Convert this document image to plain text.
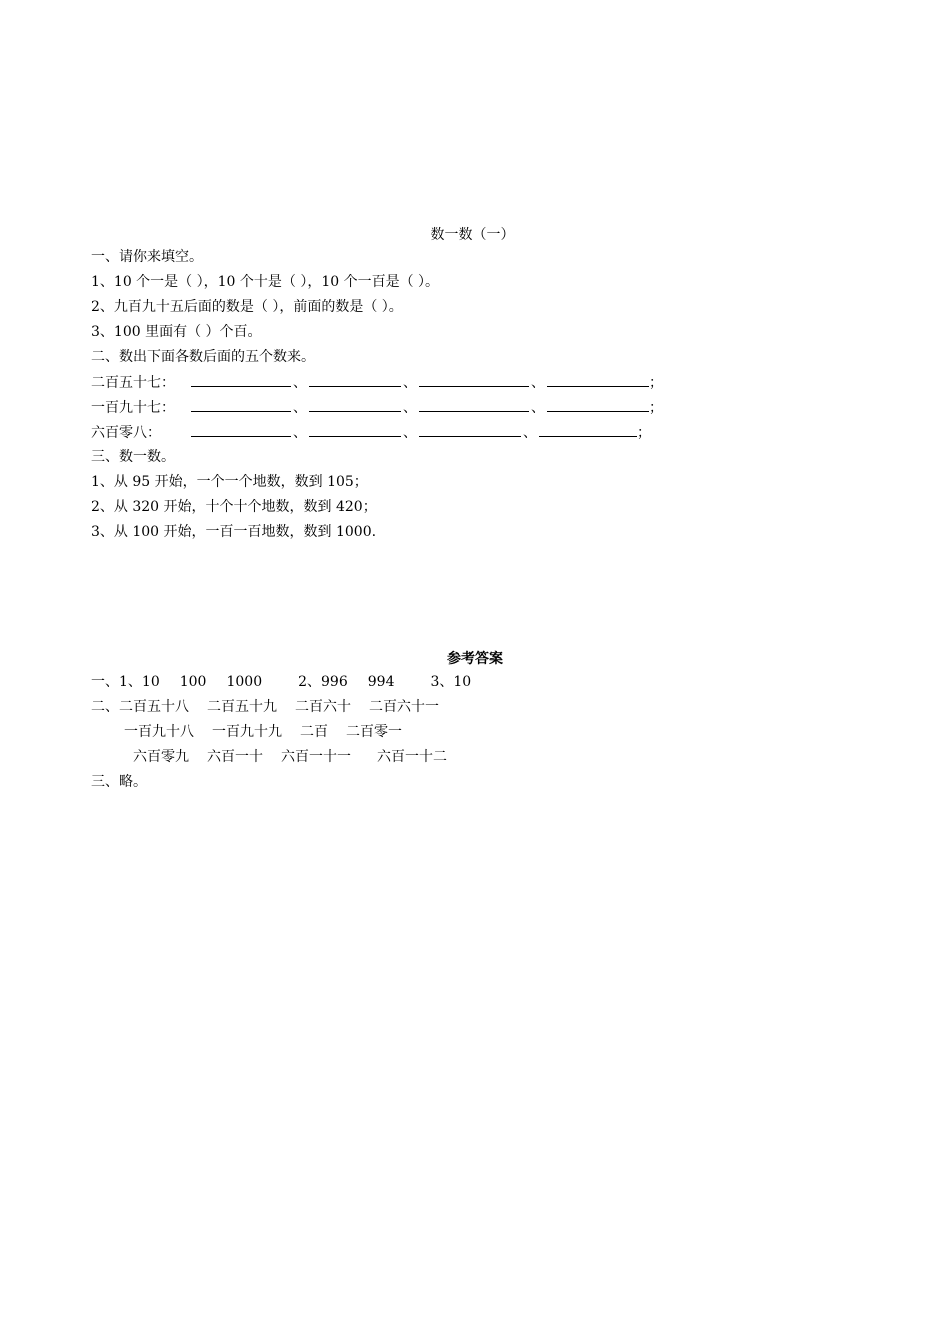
数一数（一）
一、请你来填空。
1、10 个一是（ ），10 个十是（ ），10 个一百是（ ）。
2、九百九十五后面的数是（ ），前面的数是（ ）。
3、100 里面有（ ）个百。
二、数出下面各数后面的五个数来。
二百五十七：	、	、	、	；
一百九十七：	、	、	、	；
六百零八：	、	、	、	；
三、数一数。
1、从 95 开始，一个一个地数，数到 105；
2、从 320 开始，十个十个地数，数到 420；
3、从 100 开始，一百一百地数，数到 1000.
参考答案
一、1、10 100 1000	2、996 994	3、10
二、二百五十八 二百五十九 二百六十 二百六十一
一百九十八 一百九十九 二百 二百零一
六百零九 六百一十 六百一十一 六百一十二
三、略。
